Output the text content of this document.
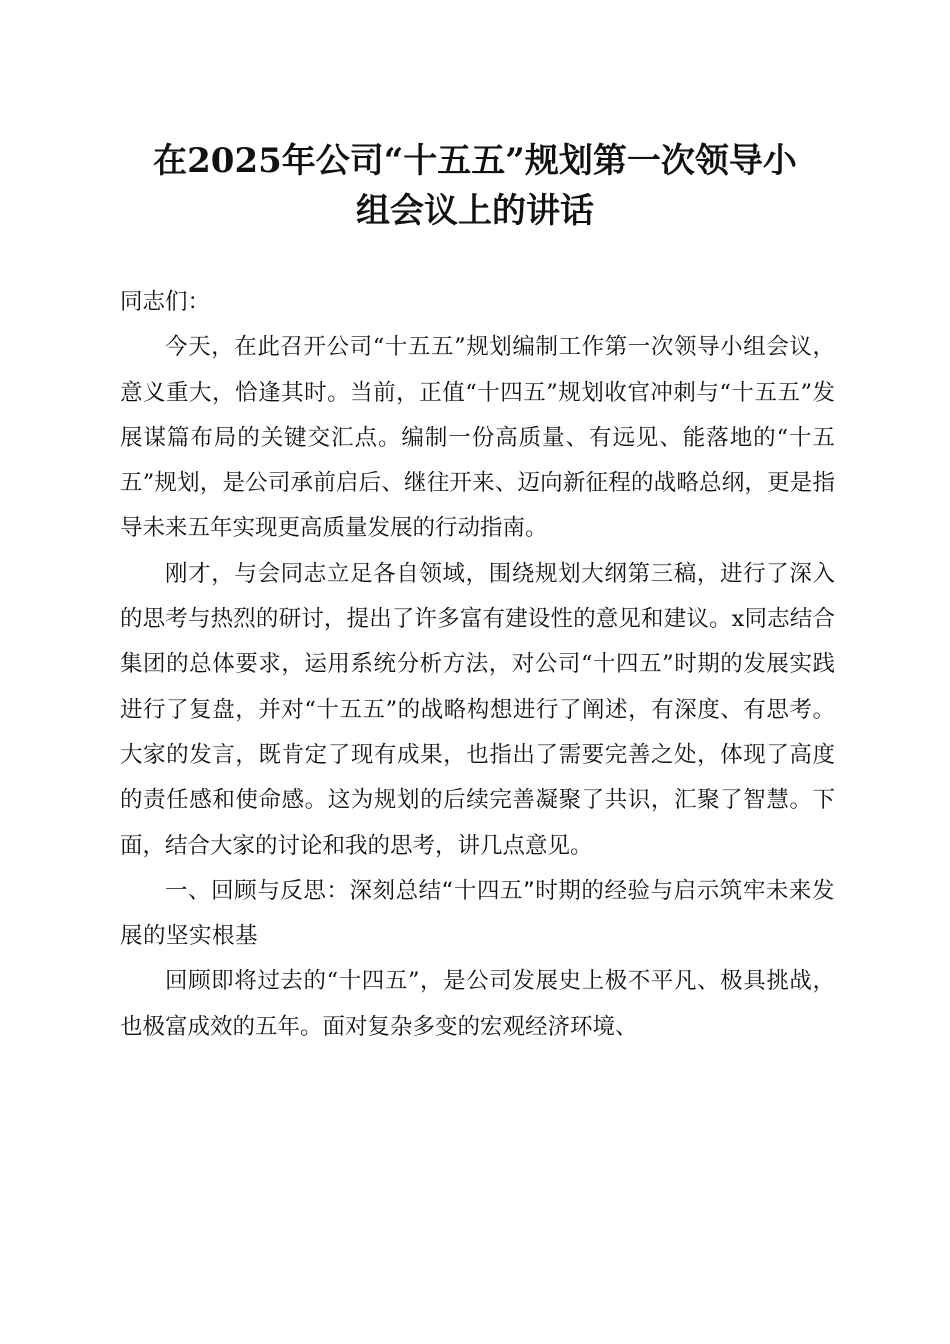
在2025年公司“十五五”规划第一次领导小
组会议上的讲话

同志们：

今天，在此召开公司“十五五”规划编制工作第一次领导小组会议，意义重大，恰逢其时。当前，正值“十四五”规划收官冲刺与“十五五”发展谋篇布局的关键交汇点。编制一份高质量、有远见、能落地的“十五五”规划，是公司承前启后、继往开来、迈向新征程的战略总纲，更是指导未来五年实现更高质量发展的行动指南。

刚才，与会同志立足各自领域，围绕规划大纲第三稿，进行了深入的思考与热烈的研讨，提出了许多富有建设性的意见和建议。x同志结合集团的总体要求，运用系统分析方法，对公司“十四五”时期的发展实践进行了复盘，并对“十五五”的战略构想进行了阐述，有深度、有思考。大家的发言，既肯定了现有成果，也指出了需要完善之处，体现了高度的责任感和使命感。这为规划的后续完善凝聚了共识，汇聚了智慧。下面，结合大家的讨论和我的思考，讲几点意见。

一、回顾与反思：深刻总结“十四五”时期的经验与启示筑牢未来发展的坚实根基

回顾即将过去的“十四五”，是公司发展史上极不平凡、极具挑战，也极富成效的五年。面对复杂多变的宏观经济环境、
